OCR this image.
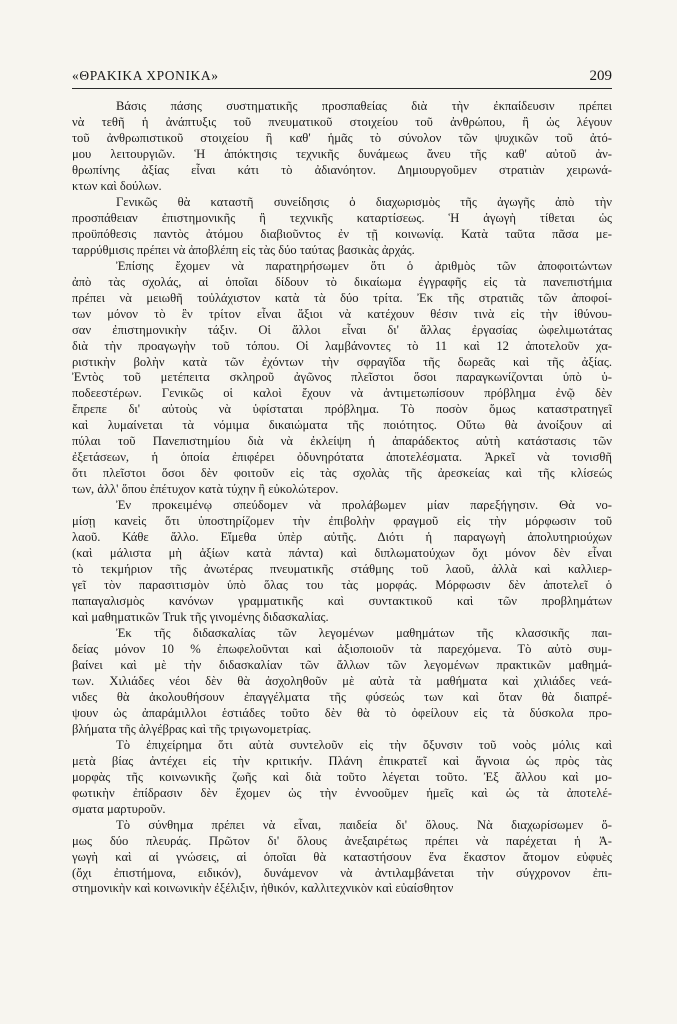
«ΘΡΑΚΙΚΑ ΧΡΟΝΙΚΑ»	209
Βάσις πάσης συστηματικῆς προσπαθείας διὰ τὴν ἐκπαίδευσιν πρέπει
νὰ τεθῆ ἡ ἀνάπτυξις τοῦ πνευματικοῦ στοιχείου τοῦ ἀνθρώπου, ἢ ὡς λέγουν
τοῦ ἀνθρωπιστικοῦ στοιχείου ἢ καθ' ἡμᾶς τὸ σύνολον τῶν ψυχικῶν τοῦ ἀτό-
μου λειτουργιῶν. Ἡ ἀπόκτησις τεχνικῆς δυνάμεως ἄνευ τῆς καθ' αὐτοῦ ἀν-
θρωπίνης ἀξίας εἶναι κάτι τὸ ἀδιανόητον. Δημιουργοῦμεν στρατιὰν χειρωνά-
κτων καὶ δούλων.
Γενικῶς θὰ καταστῆ συνείδησις ὁ διαχωρισμὸς τῆς ἀγωγῆς ἀπὸ τὴν
προσπάθειαν ἐπιστημονικῆς ἢ τεχνικῆς καταρτίσεως. Ἡ ἀγωγὴ τίθεται ὡς
προϋπόθεσις παντὸς ἀτόμου διαβιοῦντος ἐν τῇ κοινωνίᾳ. Κατὰ ταῦτα πᾶσα με-
ταρρύθμισις πρέπει νὰ ἀποβλέπη εἰς τὰς δύο ταύτας βασικὰς ἀρχάς.
Ἐπίσης ἔχομεν νὰ παρατηρήσωμεν ὅτι ὁ ἀριθμὸς τῶν ἀποφοιτώντων
ἀπὸ τὰς σχολάς, αἱ ὁποῖαι δίδουν τὸ δικαίωμα ἐγγραφῆς εἰς τὰ πανεπιστήμια
πρέπει νὰ μειωθῆ τοὐλάχιστον κατὰ τὰ δύο τρίτα. Ἐκ τῆς στρατιᾶς τῶν ἀποφοί-
των μόνον τὸ ἓν τρίτον εἶναι ἄξιοι νὰ κατέχουν θέσιν τινὰ εἰς τὴν ἰθύνου-
σαν ἐπιστημονικὴν τάξιν. Οἱ ἄλλοι εἶναι δι' ἄλλας ἐργασίας ὠφελιμωτάτας
διὰ τὴν προαγωγὴν τοῦ τόπου. Οἱ λαμβάνοντες τὸ 11 καὶ 12 ἀποτελοῦν χα-
ριστικὴν βολὴν κατὰ τῶν ἐχόντων τὴν σφραγῖδα τῆς δωρεᾶς καὶ τῆς ἀξίας.
Ἐντὸς τοῦ μετέπειτα σκληροῦ ἀγῶνος πλεῖστοι ὅσοι παραγκωνίζονται ὑπὸ ὑ-
ποδεεστέρων. Γενικῶς οἱ καλοὶ ἔχουν νὰ ἀντιμετωπίσουν πρόβλημα ἐνῷ δὲν
ἔπρεπε δι' αὐτοὺς νὰ ὑφίσταται πρόβλημα. Τὸ ποσὸν ὅμως καταστρατηγεῖ
καὶ λυμαίνεται τὰ νόμιμα δικαιώματα τῆς ποιότητος. Οὕτω θὰ ἀνοίξουν αἱ
πύλαι τοῦ Πανεπιστημίου διὰ νὰ ἐκλείψη ἡ ἀπαράδεκτος αὐτὴ κατάστασις τῶν
ἐξετάσεων, ἡ ὁποία ἐπιφέρει ὀδυνηρότατα ἀποτελέσματα. Ἀρκεῖ νὰ τονισθῆ
ὅτι πλεῖστοι ὅσοι δὲν φοιτοῦν εἰς τὰς σχολὰς τῆς ἀρεσκείας καὶ τῆς κλίσεώς
των, ἀλλ' ὅπου ἐπέτυχον κατὰ τύχην ἢ εὐκολώτερον.
Ἐν προκειμένῳ σπεύδομεν νὰ προλάβωμεν μίαν παρεξήγησιν. Θὰ νο-
μίσῃ κανεὶς ὅτι ὑποστηρίζομεν τὴν ἐπιβολὴν φραγμοῦ εἰς τὴν μόρφωσιν τοῦ
λαοῦ. Κάθε ἄλλο. Εἴμεθα ὑπὲρ αὐτῆς. Διότι ἡ παραγωγὴ ἀπολυτηριούχων
(καὶ μάλιστα μὴ ἀξίων κατὰ πάντα) καὶ διπλωματούχων ὄχι μόνον δὲν εἶναι
τὸ τεκμήριον τῆς ἀνωτέρας πνευματικῆς στάθμης τοῦ λαοῦ, ἀλλὰ καὶ καλλιερ-
γεῖ τὸν παρασιτισμὸν ὑπὸ ὅλας του τὰς μορφάς. Μόρφωσιν δὲν ἀποτελεῖ ὁ
παπαγαλισμὸς κανόνων γραμματικῆς καὶ συντακτικοῦ καὶ τῶν προβλημάτων
καὶ μαθηματικῶν Truk τῆς γινομένης διδασκαλίας.
Ἐκ τῆς διδασκαλίας τῶν λεγομένων μαθημάτων τῆς κλασσικῆς παι-
δείας μόνον 10 % ἐπωφελοῦνται καὶ ἀξιοποιοῦν τὰ παρεχόμενα. Τὸ αὐτὸ συμ-
βαίνει καὶ μὲ τὴν διδασκαλίαν τῶν ἄλλων τῶν λεγομένων πρακτικῶν μαθημά-
των. Χιλιάδες νέοι δὲν θὰ ἀσχοληθοῦν μὲ αὐτὰ τὰ μαθήματα καὶ χιλιάδες νεά-
νιδες θὰ ἀκολουθήσουν ἐπαγγέλματα τῆς φύσεώς των καὶ ὅταν θὰ διαπρέ-
ψουν ὡς ἀπαράμιλλοι ἑστιάδες τοῦτο δὲν θὰ τὸ ὀφείλουν εἰς τὰ δύσκολα προ-
βλήματα τῆς ἀλγέβρας καὶ τῆς τριγωνομετρίας.
Τὸ ἐπιχείρημα ὅτι αὐτὰ συντελοῦν εἰς τὴν ὄξυνσιν τοῦ νοὸς μόλις καὶ
μετὰ βίας ἀντέχει εἰς τὴν κριτικήν. Πλάνη ἐπικρατεῖ καὶ ἄγνοια ὡς πρὸς τὰς
μορφὰς τῆς κοινωνικῆς ζωῆς καὶ διὰ τοῦτο λέγεται τοῦτο. Ἐξ ἄλλου καὶ μο-
φωτικὴν ἐπίδρασιν δὲν ἔχομεν ὡς τὴν ἐννοοῦμεν ἡμεῖς καὶ ὡς τὰ ἀποτελέ-
σματα μαρτυροῦν.
Τὸ σύνθημα πρέπει νὰ εἶναι, παιδεία δι' ὅλους. Νὰ διαχωρίσωμεν ὅ-
μως δύο πλευράς. Πρῶτον δι' ὅλους ἀνεξαιρέτως πρέπει νὰ παρέχεται ἡ Ἀ-
γωγὴ καὶ αἱ γνώσεις, αἱ ὁποῖαι θὰ καταστήσουν ἕνα ἕκαστον ἄτομον εὐφυὲς
(ὄχι ἐπιστήμονα, ειδικόν), δυνάμενον νὰ ἀντιλαμβάνεται τὴν σύγχρονον ἐπι-
στημονικὴν καὶ κοινωνικὴν ἐξέλιξιν, ἠθικόν, καλλιτεχνικὸν καὶ εὐαίσθητον
